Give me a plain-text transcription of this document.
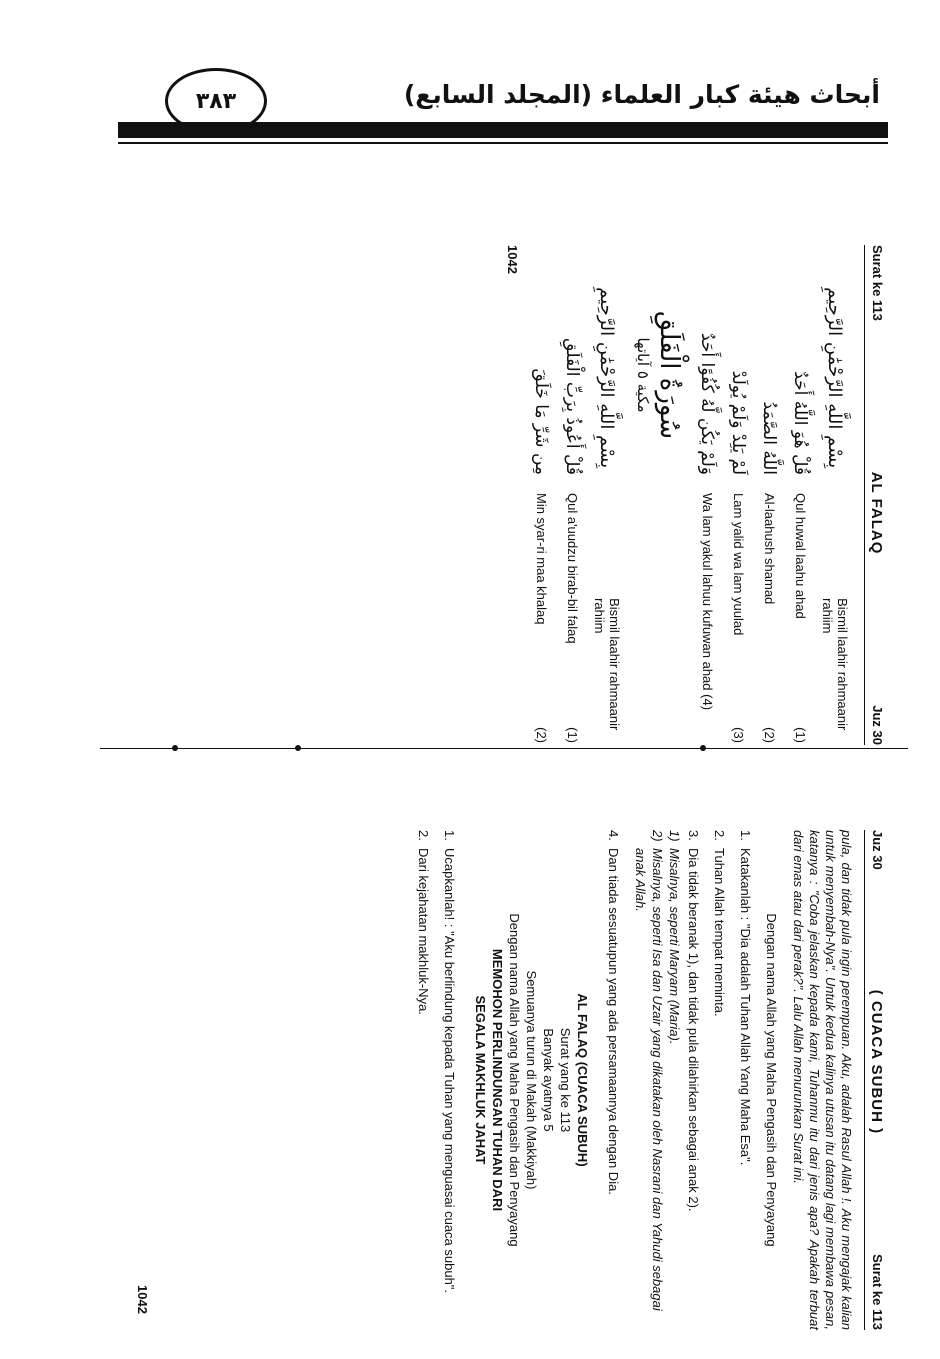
أبحاث هيئة كبار العلماء (المجلد السابع)
٣٨٣
Surat ke 113
AL FALAQ
Juz 30
بِسْمِ اللَّهِ الرَّحْمَٰنِ الرَّحِيمِ
Bismil laahir rahmaanir rahiim
قُلْ هُوَ اللَّهُ أَحَدٌ
Qul huwal laahu ahad
(1)
اللَّهُ الصَّمَدُ
Al-laahush shamad
(2)
لَمْ يَلِدْ وَلَمْ يُولَدْ
Lam yalid wa lam yuulad
(3)
وَلَمْ يَكُن لَّهُ كُفُوًا أَحَدٌ
Wa lam yakul lahuu kufuwan ahad (4)
سُورَةُ الْفَلَقِ
مكية ٥ آياتها
بِسْمِ اللَّهِ الرَّحْمَٰنِ الرَّحِيمِ
Bismil laahir rahmaanir rahiim
قُلْ أَعُوذُ بِرَبِّ الْفَلَقِ
Qul a'uudzu birab-bil falaq
(1)
مِن شَرِّ مَا خَلَقَ
Min syar-ri maa khalaq
(2)
1042
Juz 30
( CUACA SUBUH )
Surat ke 113
pula, dan tidak pula ingin perempuan. Aku, adalah Rasul Allah !. Aku mengajak kalian untuk menyembah-Nya". Untuk kedua kalinya utusan itu datang lagi membawa pesan, katanya : "Coba jelaskan kepada kami, Tuhanmu itu dari jenis apa? Apakah terbuat dari emas atau dari perak?". Lalu Allah menurunkan Surat ini.
Dengan nama Allah yang Maha Pengasih dan Penyayang
1.
Katakanlah : "Dia adalah Tuhan Allah Yang Maha Esa".
2.
Tuhan Allah tempat meminta.
3.
Dia tidak beranak 1), dan tidak pula dilahirkan sebagai anak 2).
1)
Misalnya, seperti Maryam (Maria).
2)
Misalnya, seperti Isa dan Uzair yang dikatakan oleh Nasrani dan Yahudi sebagai anak Allah.
4.
Dan tiada sesuatupun yang ada persamaannya dengan Dia.
AL FALAQ (CUACA SUBUH)
Surat yang ke 113
Banyak ayatnya 5
Semuanya turun di Makah (Makkiyah)
Dengan nama Allah yang Maha Pengasih dan Penyayang
MEMOHON PERLINDUNGAN TUHAN DARI
SEGALA MAKHLUK JAHAT
1.
Ucapkanlah! : "Aku berlindung kepada Tuhan yang menguasai cuaca subuh".
2.
Dari kejahatan makhluk-Nya.
1042
